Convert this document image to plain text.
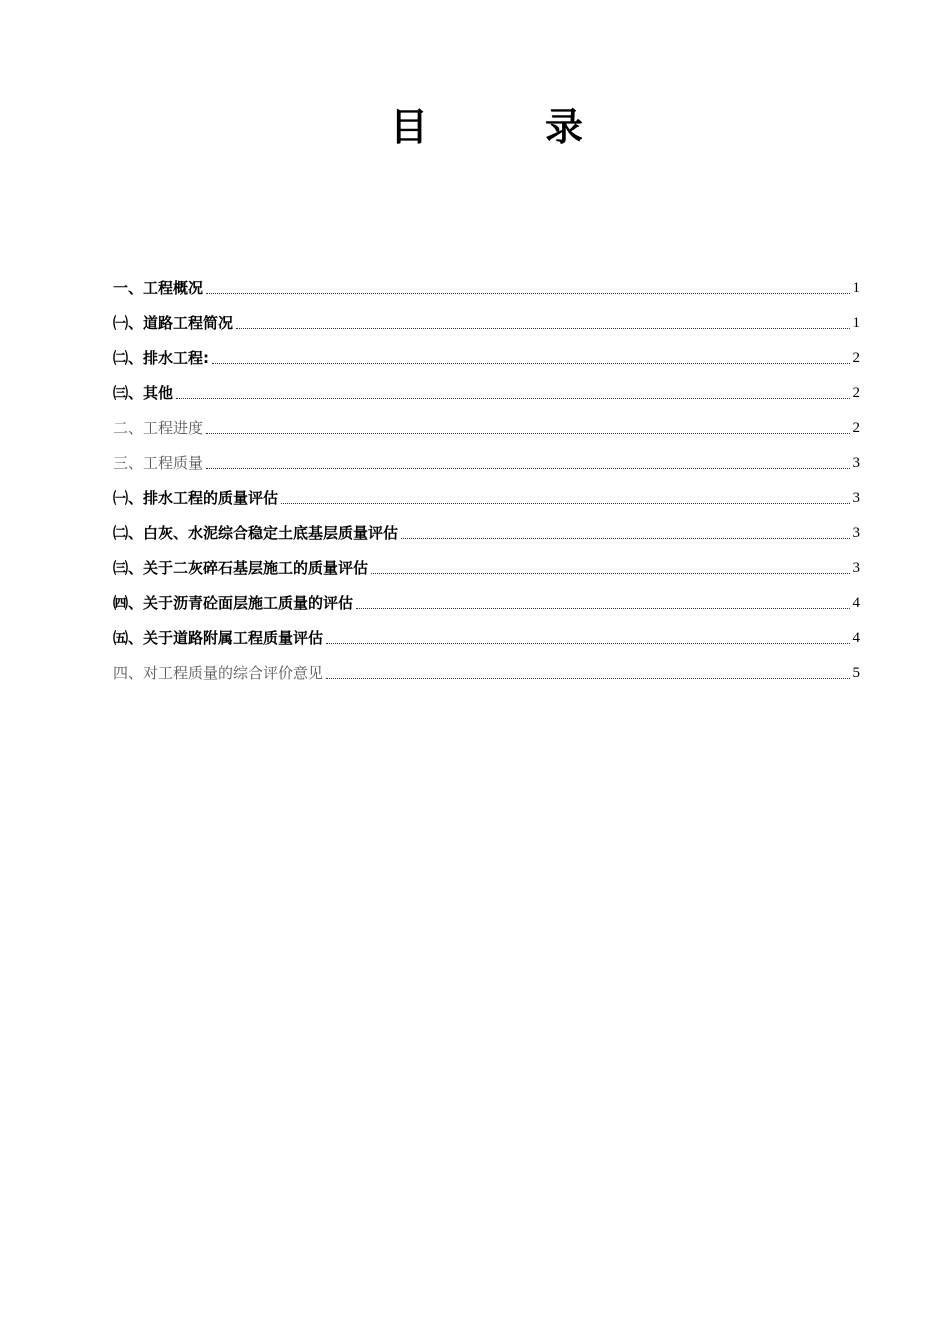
目	录
一、工程概况	1
㈠、道路工程简况	1
㈡、排水工程:	2
㈢、其他	2
二、工程进度	2
三、工程质量	3
㈠、排水工程的质量评估	3
㈡、白灰、水泥综合稳定土底基层质量评估	3
㈢、关于二灰碎石基层施工的质量评估	3
㈣、关于沥青砼面层施工质量的评估	4
㈤、关于道路附属工程质量评估	4
四、对工程质量的综合评价意见	5
